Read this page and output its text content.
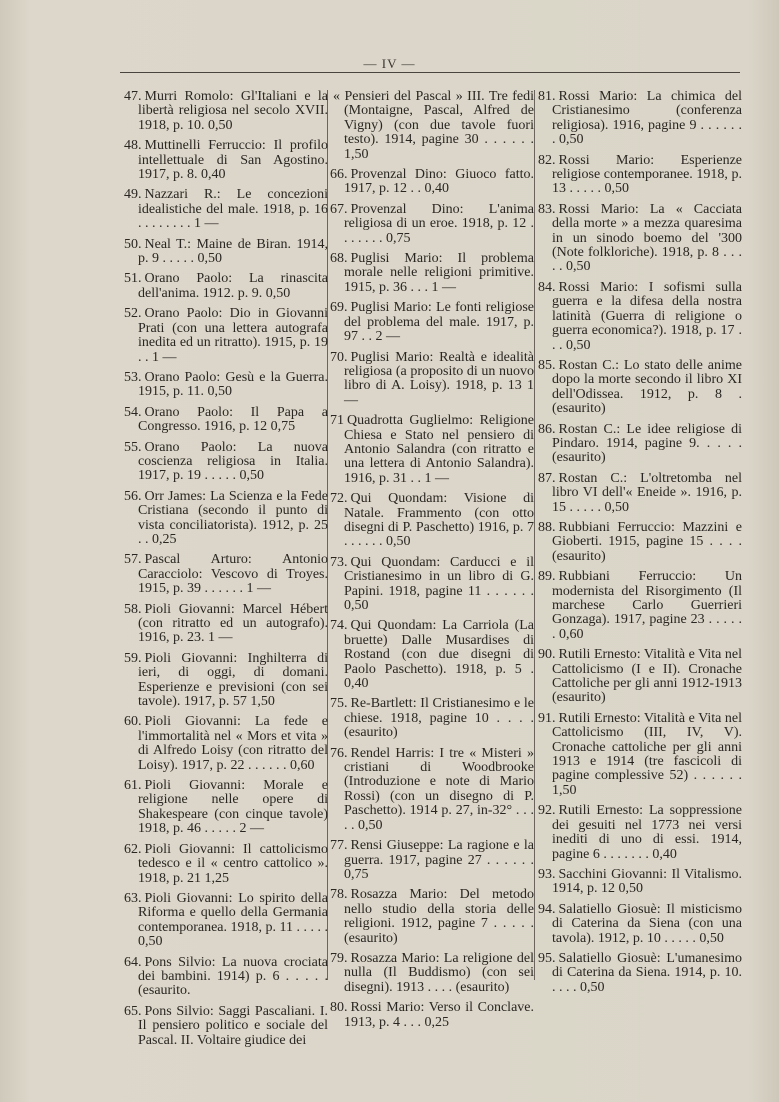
— IV —

47. Murri Romolo: Gl'Italiani e la libertà religiosa nel secolo XVII. 1918, p. 10. 0,50

48. Muttinelli Ferruccio: Il profilo intellettuale di San Agostino. 1917, p. 8. 0,40

49. Nazzari R.: Le concezioni idealistiche del male. 1918, p. 16 . . . . . . . . 1 —

50. Neal T.: Maine de Biran. 1914, p. 9 . . . . . 0,50

51. Orano Paolo: La rinascita dell'anima. 1912. p. 9. 0,50

52. Orano Paolo: Dio in Giovanni Prati (con una lettera autografa inedita ed un ritratto). 1915, p. 19 . . 1 —

53. Orano Paolo: Gesù e la Guerra. 1915, p. 11. 0,50

54. Orano Paolo: Il Papa a Congresso. 1916, p. 12 0,75

55. Orano Paolo: La nuova coscienza religiosa in Italia. 1917, p. 19 . . . . . 0,50

56. Orr James: La Scienza e la Fede Cristiana (secondo il punto di vista conciliatorista). 1912, p. 25 . . 0,25

57. Pascal Arturo: Antonio Caracciolo: Vescovo di Troyes. 1915, p. 39 . . . . . . 1 —

58. Pioli Giovanni: Marcel Hébert (con ritratto ed un autografo). 1916, p. 23. 1 —

59. Pioli Giovanni: Inghilterra di ieri, di oggi, di domani. Esperienze e previsioni (con sei tavole). 1917, p. 57 1,50

60. Pioli Giovanni: La fede e l'immortalità nel « Mors et vita » di Alfredo Loisy (con ritratto del Loisy). 1917, p. 22 . . . . . . 0,60

61. Pioli Giovanni: Morale e religione nelle opere di Shakespeare (con cinque tavole) 1918, p. 46 . . . . . 2 —

62. Pioli Giovanni: Il cattolicismo tedesco e il « centro cattolico ». 1918, p. 21 1,25

63. Pioli Giovanni: Lo spirito della Riforma e quello della Germania contemporanea. 1918, p. 11 . . . . . 0,50

64. Pons Silvio: La nuova crociata dei bambini. 1914) p. 6 . . . . . (esaurito.

65. Pons Silvio: Saggi Pascaliani. I. Il pensiero politico e sociale del Pascal. II. Voltaire giudice dei

« Pensieri del Pascal » III. Tre fedi (Montaigne, Pascal, Alfred de Vigny) (con due tavole fuori testo). 1914, pagine 30 . . . . . . 1,50

66. Provenzal Dino: Giuoco fatto. 1917, p. 12 . . 0,40

67. Provenzal Dino: L'anima religiosa di un eroe. 1918, p. 12 . . . . . . . 0,75

68. Puglisi Mario: Il problema morale nelle religioni primitive. 1915, p. 36 . . . 1 —

69. Puglisi Mario: Le fonti religiose del problema del male. 1917, p. 97 . . 2 —

70. Puglisi Mario: Realtà e idealità religiosa (a proposito di un nuovo libro di A. Loisy). 1918, p. 13 1 —

71 Quadrotta Guglielmo: Religione Chiesa e Stato nel pensiero di Antonio Salandra (con ritratto e una lettera di Antonio Salandra). 1916, p. 31 . . 1 —

72. Qui Quondam: Visione di Natale. Frammento (con otto disegni di P. Paschetto) 1916, p. 7 . . . . . . 0,50

73. Qui Quondam: Carducci e il Cristianesimo in un libro di G. Papini. 1918, pagine 11 . . . . . . 0,50

74. Qui Quondam: La Carriola (La bruette) Dalle Musardises di Rostand (con due disegni di Paolo Paschetto). 1918, p. 5 . 0,40

75. Re-Bartlett: Il Cristianesimo e le chiese. 1918, pagine 10 . . . . (esaurito)

76. Rendel Harris: I tre « Misteri » cristiani di Woodbrooke (Introduzione e note di Mario Rossi) (con un disegno di P. Paschetto). 1914 p. 27, in-32° . . . . . 0,50

77. Rensi Giuseppe: La ragione e la guerra. 1917, pagine 27 . . . . . . 0,75

78. Rosazza Mario: Del metodo nello studio della storia delle religioni. 1912, pagine 7 . . . . . (esaurito)

79. Rosazza Mario: La religione del nulla (Il Buddismo) (con sei disegni). 1913 . . . . (esaurito)

80. Rossi Mario: Verso il Conclave. 1913, p. 4 . . . 0,25

81. Rossi Mario: La chimica del Cristianesimo (conferenza religiosa). 1916, pagine 9 . . . . . . . 0,50

82. Rossi Mario: Esperienze religiose contemporanee. 1918, p. 13 . . . . . 0,50

83. Rossi Mario: La « Cacciata della morte » a mezza quaresima in un sinodo boemo del '300 (Note folkloriche). 1918, p. 8 . . . . . 0,50

84. Rossi Mario: I sofismi sulla guerra e la difesa della nostra latinità (Guerra di religione o guerra economica?). 1918, p. 17 . . . 0,50

85. Rostan C.: Lo stato delle anime dopo la morte secondo il libro XI dell'Odissea. 1912, p. 8 . (esaurito)

86. Rostan C.: Le idee religiose di Pindaro. 1914, pagine 9. . . . . (esaurito)

87. Rostan C.: L'oltretomba nel libro VI dell'« Eneide ». 1916, p. 15 . . . . . 0,50

88. Rubbiani Ferruccio: Mazzini e Gioberti. 1915, pagine 15 . . . . (esaurito)

89. Rubbiani Ferruccio: Un modernista del Risorgimento (Il marchese Carlo Guerrieri Gonzaga). 1917, pagine 23 . . . . . . 0,60

90. Rutili Ernesto: Vitalità e Vita nel Cattolicismo (I e II). Cronache Cattoliche per gli anni 1912-1913 (esaurito)

91. Rutili Ernesto: Vitalità e Vita nel Cattolicismo (III, IV, V). Cronache cattoliche per gli anni 1913 e 1914 (tre fascicoli di pagine complessive 52) . . . . . . 1,50

92. Rutili Ernesto: La soppressione dei gesuiti nel 1773 nei versi inediti di uno di essi. 1914, pagine 6 . . . . . . . 0,40

93. Sacchini Giovanni: Il Vitalismo. 1914, p. 12 0,50

94. Salatiello Giosuè: Il misticismo di Caterina da Siena (con una tavola). 1912, p. 10 . . . . . 0,50

95. Salatiello Giosuè: L'umanesimo di Caterina da Siena. 1914, p. 10. . . . . 0,50
